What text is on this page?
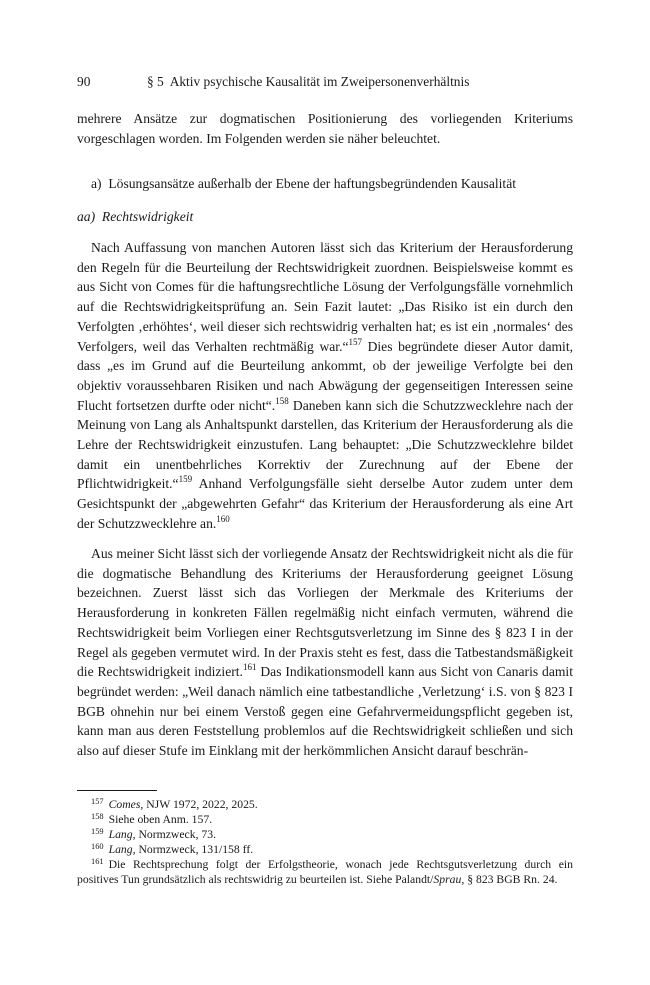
90	§ 5  Aktiv psychische Kausalität im Zweipersonenverhältnis
mehrere Ansätze zur dogmatischen Positionierung des vorliegenden Kriteriums vorgeschlagen worden. Im Folgenden werden sie näher beleuchtet.
a)  Lösungsansätze außerhalb der Ebene der haftungsbegründenden Kausalität
aa)  Rechtswidrigkeit
Nach Auffassung von manchen Autoren lässt sich das Kriterium der Herausforderung den Regeln für die Beurteilung der Rechtswidrigkeit zuordnen. Beispielsweise kommt es aus Sicht von Comes für die haftungsrechtliche Lösung der Verfolgungsfälle vornehmlich auf die Rechtswidrigkeitsprüfung an. Sein Fazit lautet: „Das Risiko ist ein durch den Verfolgten ‚erhöhtes‘, weil dieser sich rechtswidrig verhalten hat; es ist ein ‚normales‘ des Verfolgers, weil das Verhalten rechtmäßig war.“$^{157}$ Dies begründete dieser Autor damit, dass „es im Grund auf die Beurteilung ankommt, ob der jeweilige Verfolgte bei den objektiv voraussehbaren Risiken und nach Abwägung der gegenseitigen Interessen seine Flucht fortsetzen durfte oder nicht“.$^{158}$ Daneben kann sich die Schutzzwecklehre nach der Meinung von Lang als Anhaltspunkt darstellen, das Kriterium der Herausforderung als die Lehre der Rechtswidrigkeit einzustufen. Lang behauptet: „Die Schutzzwecklehre bildet damit ein unentbehrliches Korrektiv der Zurechnung auf der Ebene der Pflichtwidrigkeit.“$^{159}$ Anhand Verfolgungsfälle sieht derselbe Autor zudem unter dem Gesichtspunkt der „abgewehrten Gefahr“ das Kriterium der Herausforderung als eine Art der Schutzzwecklehre an.$^{160}$
Aus meiner Sicht lässt sich der vorliegende Ansatz der Rechtswidrigkeit nicht als die für die dogmatische Behandlung des Kriteriums der Herausforderung geeignet Lösung bezeichnen. Zuerst lässt sich das Vorliegen der Merkmale des Kriteriums der Herausforderung in konkreten Fällen regelmäßig nicht einfach vermuten, während die Rechtswidrigkeit beim Vorliegen einer Rechtsgutsverletzung im Sinne des § 823 I in der Regel als gegeben vermutet wird. In der Praxis steht es fest, dass die Tatbestandsmäßigkeit die Rechtswidrigkeit indiziert.$^{161}$ Das Indikationsmodell kann aus Sicht von Canaris damit begründet werden: „Weil danach nämlich eine tatbestandliche ‚Verletzung‘ i.S. von § 823 I BGB ohnehin nur bei einem Verstoß gegen eine Gefahrvermeidungspflicht gegeben ist, kann man aus deren Feststellung problemlos auf die Rechtswidrigkeit schließen und sich also auf dieser Stufe im Einklang mit der herkömmlichen Ansicht darauf beschrän-
$^{157}$ Comes, NJW 1972, 2022, 2025.
$^{158}$ Siehe oben Anm. 157.
$^{159}$ Lang, Normzweck, 73.
$^{160}$ Lang, Normzweck, 131/158 ff.
$^{161}$ Die Rechtsprechung folgt der Erfolgstheorie, wonach jede Rechtsgutsverletzung durch ein positives Tun grundsätzlich als rechtswidrig zu beurteilen ist. Siehe Palandt/Sprau, § 823 BGB Rn. 24.
